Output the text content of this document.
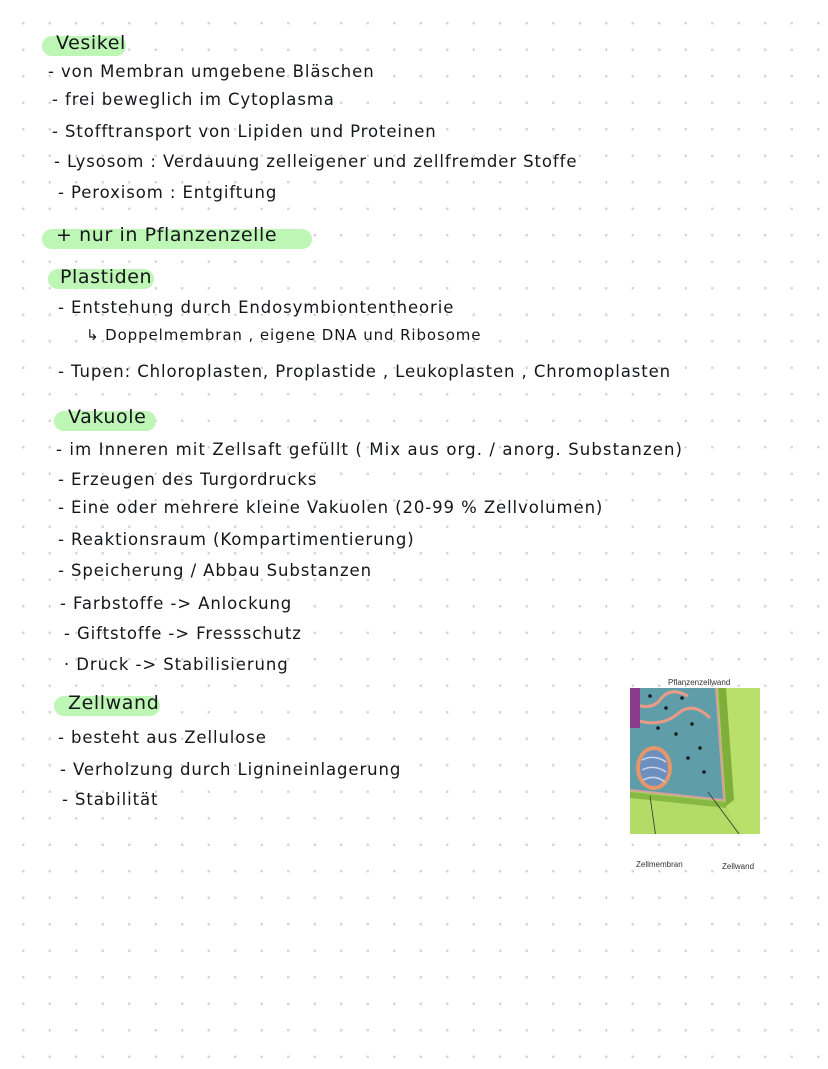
Vesikel
- von Membran umgebene Bläschen
- frei beweglich im Cytoplasma
- Stofftransport von Lipiden und Proteinen
- Lysosom : Verdauung zelleigener und zellfremder Stoffe
- Peroxisom : Entgiftung
+ nur in Pflanzenzelle
Plastiden
- Entstehung durch Endosymbiontentheorie
↳ Doppelmembran , eigene DNA und Ribosome
- Tupen: Chloroplasten, Proplastide , Leukoplasten , Chromoplasten
Vakuole
- im Inneren mit Zellsaft gefüllt ( Mix aus org. / anorg. Substanzen)
- Erzeugen des Turgordrucks
- Eine oder mehrere kleine Vakuolen (20-99 % Zellvolumen)
- Reaktionsraum (Kompartimentierung)
- Speicherung / Abbau Substanzen
- Farbstoffe -> Anlockung
- Giftstoffe -> Fressschutz
· Druck -> Stabilisierung
Zellwand
- besteht aus Zellulose
- Verholzung durch Lignineinlagerung
- Stabilität
Pflanzenzellwand
Zellmembran	Zellwand
